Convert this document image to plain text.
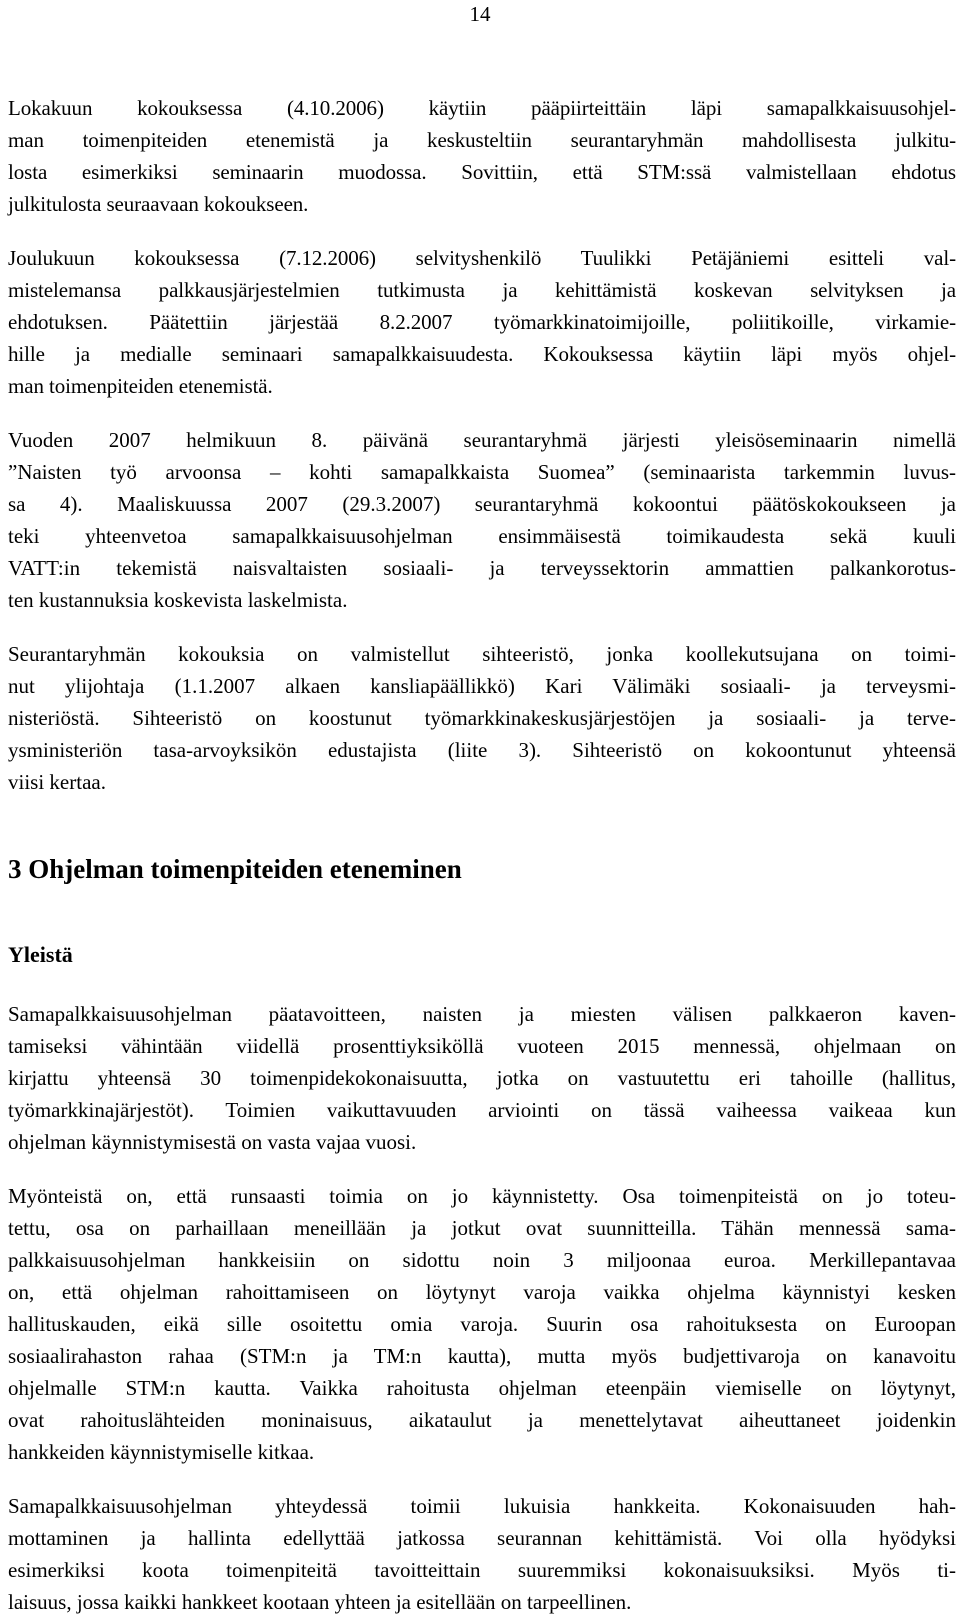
14

Lokakuun kokouksessa (4.10.2006) käytiin pääpiirteittäin läpi samapalkkaisuusohjel-
man toimenpiteiden etenemistä ja keskusteltiin seurantaryhmän mahdollisesta julkitu-
losta esimerkiksi seminaarin muodossa. Sovittiin, että STM:ssä valmistellaan ehdotus
julkitulosta seuraavaan kokoukseen.

Joulukuun kokouksessa (7.12.2006) selvityshenkilö Tuulikki Petäjäniemi esitteli val-
mistelemansa palkkausjärjestelmien tutkimusta ja kehittämistä koskevan selvityksen ja
ehdotuksen. Päätettiin järjestää 8.2.2007 työmarkkinatoimijoille, poliitikoille, virkamie-
hille ja medialle seminaari samapalkkaisuudesta. Kokouksessa käytiin läpi myös ohjel-
man toimenpiteiden etenemistä.

Vuoden 2007 helmikuun 8. päivänä seurantaryhmä järjesti yleisöseminaarin nimellä
”Naisten työ arvoonsa – kohti samapalkkaista Suomea” (seminaarista tarkemmin luvus-
sa 4). Maaliskuussa 2007 (29.3.2007) seurantaryhmä kokoontui päätöskokoukseen ja
teki yhteenvetoa samapalkkaisuusohjelman ensimmäisestä toimikaudesta sekä kuuli
VATT:in tekemistä naisvaltaisten sosiaali- ja terveyssektorin ammattien palkankorotus-
ten kustannuksia koskevista laskelmista.

Seurantaryhmän kokouksia on valmistellut sihteeristö, jonka koollekutsujana on toimi-
nut ylijohtaja (1.1.2007 alkaen kansliapäällikkö) Kari Välimäki sosiaali- ja terveysmi-
nisteriöstä. Sihteeristö on koostunut työmarkkinakeskusjärjestöjen ja sosiaali- ja terve-
ysministeriön tasa-arvoyksikön edustajista (liite 3). Sihteeristö on kokoontunut yhteensä
viisi kertaa.

3 Ohjelman toimenpiteiden eteneminen
Yleistä

Samapalkkaisuusohjelman päatavoitteen, naisten ja miesten välisen palkkaeron kaven-
tamiseksi vähintään viidellä prosenttiyksiköllä vuoteen 2015 mennessä, ohjelmaan on
kirjattu yhteensä 30 toimenpidekokonaisuutta, jotka on vastuutettu eri tahoille (hallitus,
työmarkkinajärjestöt). Toimien vaikuttavuuden arviointi on tässä vaiheessa vaikeaa kun
ohjelman käynnistymisestä on vasta vajaa vuosi.

Myönteistä on, että runsaasti toimia on jo käynnistetty. Osa toimenpiteistä on jo toteu-
tettu, osa on parhaillaan meneillään ja jotkut ovat suunnitteilla. Tähän mennessä sama-
palkkaisuusohjelman hankkeisiin on sidottu noin 3 miljoonaa euroa. Merkillepantavaa
on, että ohjelman rahoittamiseen on löytynyt varoja vaikka ohjelma käynnistyi kesken
hallituskauden, eikä sille osoitettu omia varoja. Suurin osa rahoituksesta on Euroopan
sosiaalirahaston rahaa (STM:n ja TM:n kautta), mutta myös budjettivaroja on kanavoitu
ohjelmalle STM:n kautta. Vaikka rahoitusta ohjelman eteenpäin viemiselle on löytynyt,
ovat rahoituslähteiden moninaisuus, aikataulut ja menettelytavat aiheuttaneet joidenkin
hankkeiden käynnistymiselle kitkaa.

Samapalkkaisuusohjelman yhteydessä toimii lukuisia hankkeita. Kokonaisuuden hah-
mottaminen ja hallinta edellyttää jatkossa seurannan kehittämistä. Voi olla hyödyksi
esimerkiksi koota toimenpiteitä tavoitteittain suuremmiksi kokonaisuuksiksi. Myös ti-
laisuus, jossa kaikki hankkeet kootaan yhteen ja esitellään on tarpeellinen.
